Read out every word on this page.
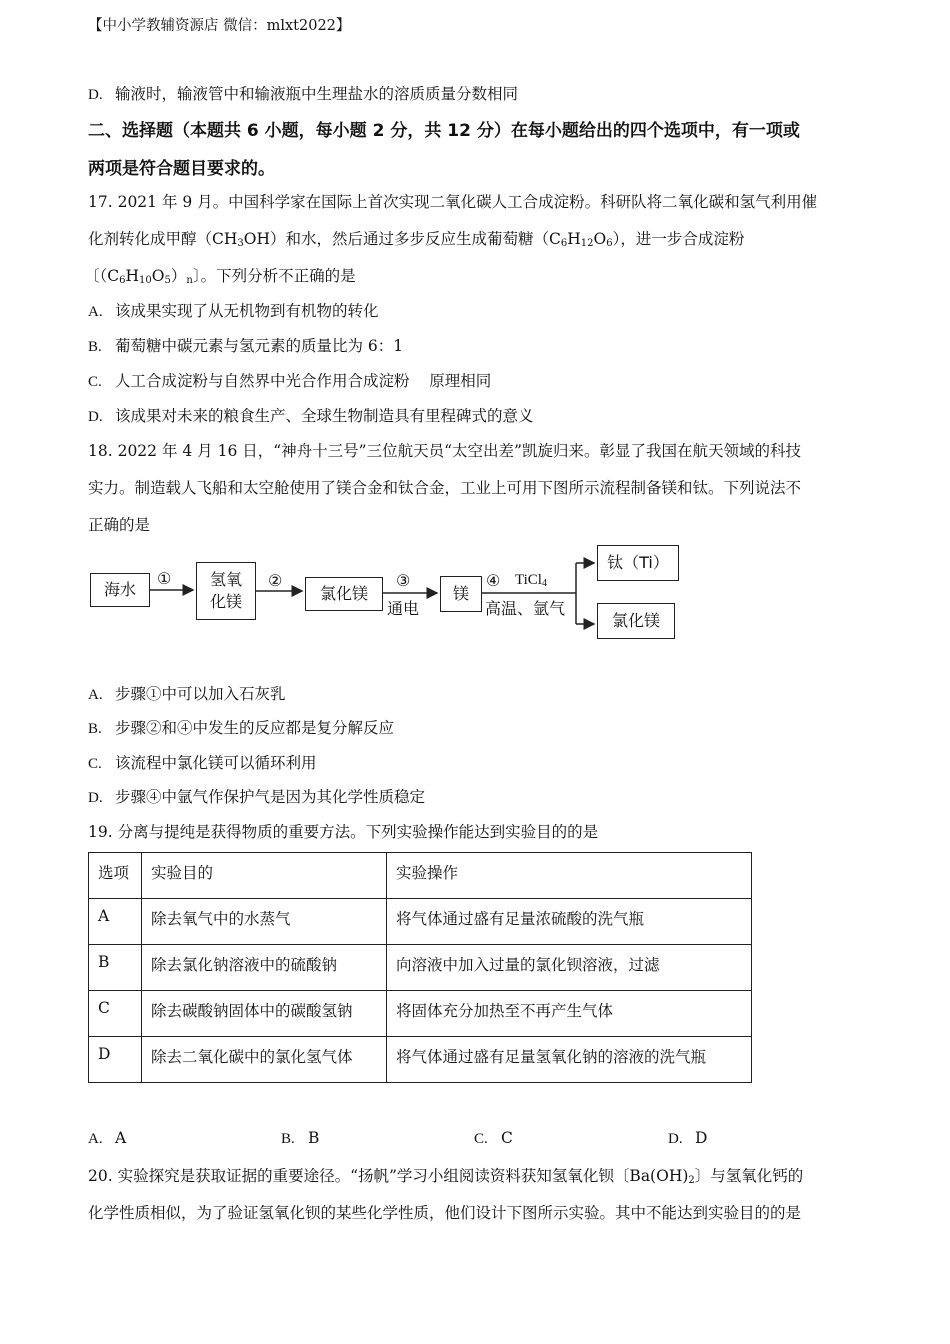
【中小学教辅资源店 微信：mlxt2022】
D. 输液时，输液管中和输液瓶中生理盐水的溶质质量分数相同
二、选择题（本题共 6 小题，每小题 2 分，共 12 分）在每小题给出的四个选项中，有一项或
两项是符合题目要求的。
17. 2021 年 9 月。中国科学家在国际上首次实现二氧化碳人工合成淀粉。科研队将二氧化碳和氢气利用催
化剂转化成甲醇$(CH_3OH)$和水，然后通过多步反应生成葡萄糖$(C_6H_{12}O_6)$，进一步合成淀粉
〔$(C_6H_{10}O_5)_n$〕。下列分析不正确的是
A. 该成果实现了从无机物到有机物的转化
B. 葡萄糖中碳元素与氢元素的质量比为 6：1
C. 人工合成淀粉与自然界中光合作用合成淀粉    原理相同
D. 该成果对未来的粮食生产、全球生物制造具有里程碑式的意义
18. 2022 年 4 月 16 日，“神舟十三号”三位航天员“太空出差”凯旋归来。彰显了我国在航天领域的科技
实力。制造载人飞船和太空舱使用了镁合金和钛合金，工业上可用下图所示流程制备镁和钛。下列说法不
正确的是
海水
氢氧
化镁	氯化镁	镁
钛（Ti）
氯化镁
①	②	③
通电
④ TiCl$_4$
高温、氩气
A. 步骤①中可以加入石灰乳
B. 步骤②和④中发生的反应都是复分解反应
C. 该流程中氯化镁可以循环利用
D. 步骤④中氩气作保护气是因为其化学性质稳定
19. 分离与提纯是获得物质的重要方法。下列实验操作能达到实验目的的是
选项	实验目的	实验操作
A	除去氧气中的水蒸气	将气体通过盛有足量浓硫酸的洗气瓶
B	除去氯化钠溶液中的硫酸钠	向溶液中加入过量的氯化钡溶液，过滤
C	除去碳酸钠固体中的碳酸氢钠	将固体充分加热至不再产生气体
D	除去二氧化碳中的氯化氢气体	将气体通过盛有足量氢氧化钠的溶液的洗气瓶
A. A	B. B	C. C	D. D
20. 实验探究是获取证据的重要途径。“扬帆”学习小组阅读资料获知氢氧化钡〔$Ba(OH)_2$〕与氢氧化钙的
化学性质相似，为了验证氢氧化钡的某些化学性质，他们设计下图所示实验。其中不能达到实验目的的是
